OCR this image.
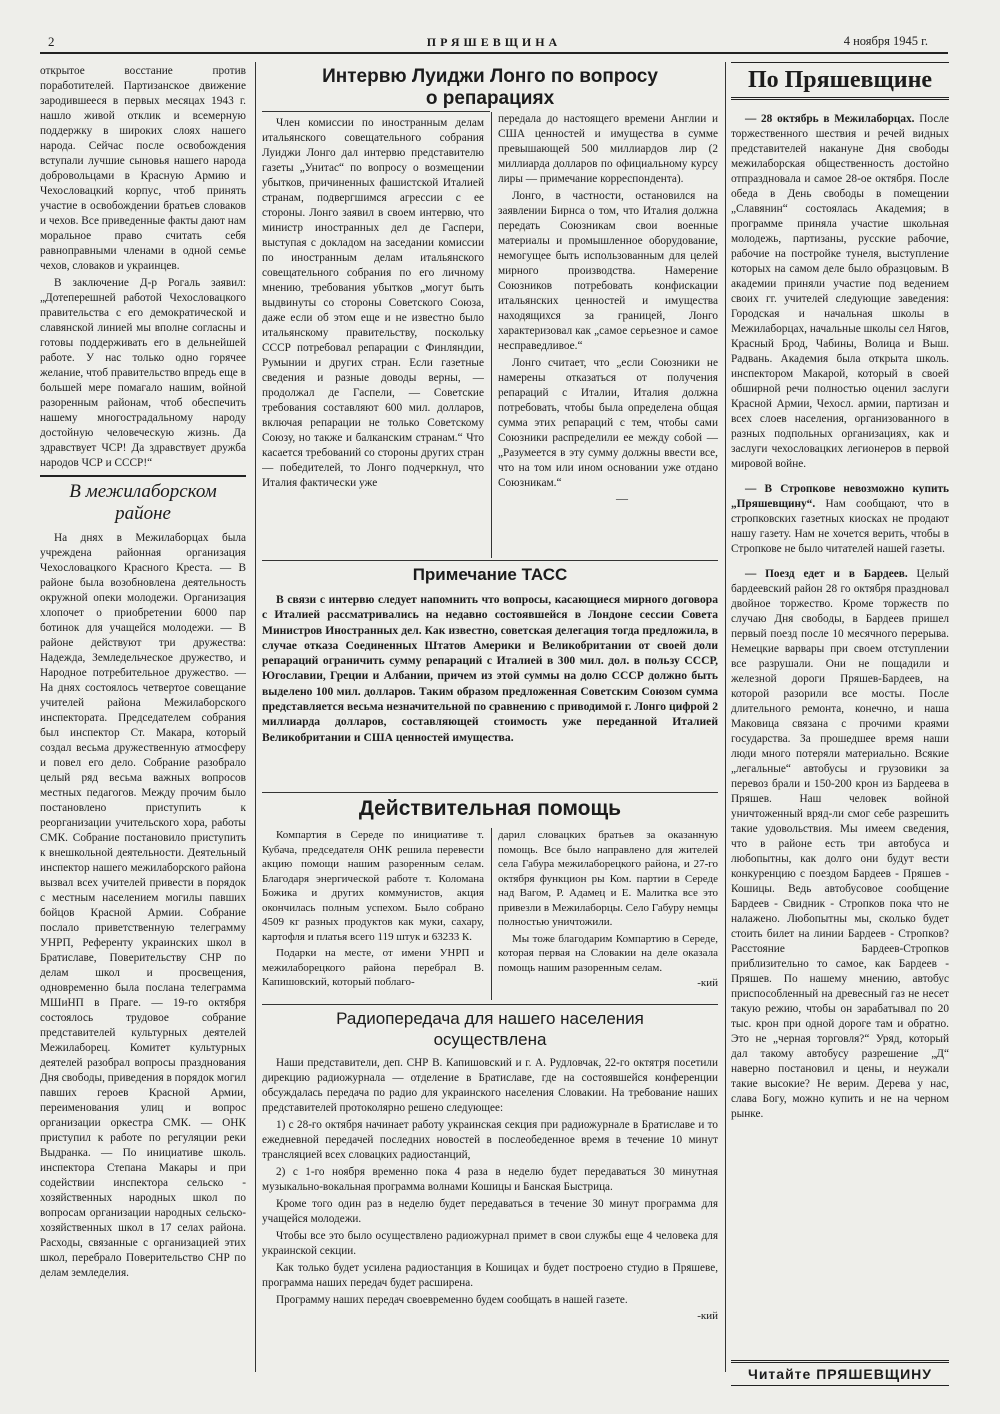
2	ПРЯШЕВЩИНА	4 ноября 1945 г.

открытое восстание против поработителей. Партизанское движение зародившееся в первых месяцах 1943 г. нашло живой отклик и всемерную поддержку в широких слоях нашего народа. Сейчас после освобождения вступали лучшие сыновья нашего народа добровольцами в Красную Армию и Чехословацкий корпус, чтоб принять участие в освобождении братьев словаков и чехов. Все приведенные факты дают нам моральное право считать себя равноправными членами в одной семье чехов, словаков и украинцев.

В заключение Д-р Рогаль заявил: „Дотеперешней работой Чехословацкого правительства с его демократической и славянской линией мы вполне согласны и готовы поддерживать его в дельнейшей работе. У нас только одно горячее желание, чтоб правительство впредь еще в большей мере помагало нашим, войной разоренным районам, чтоб обеспечить нашему многострадальному народу достойную человеческую жизнь. Да здравствует ЧСР! Да здравствует дружба народов ЧСР и СССР!“

В межилаборском
районе

На днях в Межилаборцах была учреждена районная организация Чехословацкого Красного Креста. — В районе была возобновлена деятельность окружной опеки молодежи. Организация хлопочет о приобретении 6000 пар ботинок для учащейся молодежи. — В районе действуют три дружества: Надежда, Земледельческое дружество, и Народное потребительное дружество. — На днях состоялось четвертое совещание учителей района Межилаборского инспектората. Председателем собрания был инспектор Ст. Макара, который создал весьма дружественную атмосферу и повел его дело. Собрание разобрало целый ряд весьма важных вопросов местных педагогов. Между прочим было постановлено приступить к реорганизации учительского хора, работы СМК. Собрание постановило приступить к внешкольной деятельности. Деятельный инспектор нашего межилаборского района вызвал всех учителей привести в порядок с местным населением могилы павших бойцов Красной Армии. Собрание послало приветственную телеграмму УНРП, Референту украинских школ в Братиславе, Поверительству СНР по делам школ и просвещения, одновременно была послана телеграмма МШиНП в Праге. — 19-го октября состоялось трудовое собрание представителей культурных деятелей Межилаборец. Комитет культурных деятелей разобрал вопросы празднования Дня свободы, приведения в порядок могил павших героев Красной Армии, переименования улиц и вопрос организации оркестра СМК. — ОНК приступил к работе по регуляции реки Выдранка. — По инициативе школь. инспектора Степана Макары и при содействии инспектора сельско - хозяйственных народных школ по вопросам организации народных сельско-хозяйственных школ в 17 селах района. Расходы, связанные с организацией этих школ, перебрало Поверительство СНР по делам земледелия.

Интервю Луиджи Лонго по вопросу
о репарациях

Член комиссии по иностранным делам итальянского совещательного собрания Луиджи Лонго дал интервю представителю газеты „Унитас“ по вопросу о возмещении убытков, причиненных фашистской Италией странам, подвергшимся агрессии с ее стороны. Лонго заявил в своем интервю, что министр иностранных дел де Гаспери, выступая с докладом на заседании комиссии по иностранным делам итальянского совещательного собрания по его личному мнению, требования убытков „могут быть выдвинуты со стороны Советского Союза, даже если об этом еще и не известно было итальянскому правительству, поскольку СССР потребовал репарации с Финляндии, Румынии и других стран. Если газетные сведения и разные доводы верны, — продолжал де Гаспели, — Советские требования составляют 600 мил. долларов, включая репарации не только Советскому Союзу, но также и балканским странам.“ Что касается требований со стороны других стран — победителей, то Лонго подчеркнул, что Италия фактически уже

передала до настоящего времени Англии и США ценностей и имущества в сумме превышающей 500 миллиардов лир (2 миллиарда долларов по официальному курсу лиры — примечание корреспондента).

Лонго, в частности, остановился на заявлении Бирнса о том, что Италия должна передать Союзникам свои военные материалы и промышленное оборудование, немогущее быть использованным для целей мирного производства. Намерение Союзников потребовать конфискации итальянских ценностей и имущества находящихся за границей, Лонго характеризовал как „самое серьезное и самое несправедливое.“

Лонго считает, что „если Союзники не намерены отказаться от получения репараций с Италии, Италия должна потребовать, чтобы была определена общая сумма этих репараций с тем, чтобы сами Союзники распределили ее между собой — „Разумеется в эту сумму должны ввести все, что на том или ином основании уже отдано Союзникам.“

—
Примечание ТАСС

В связи с интервю следует напомнить что вопросы, касающиеся мирного договора с Италией рассматривались на недавно состоявшейся в Лондоне сессии Совета Министров Иностранных дел. Как известно, советская делегация тогда предложила, в случае отказа Соединенных Штатов Америки и Великобритании от своей доли репараций ограничить сумму репараций с Италией в 300 мил. дол. в пользу СССР, Югославии, Греции и Албании, причем из этой суммы на долю СССР должно быть выделено 100 мил. долларов. Таким образом предложенная Советским Союзом сумма представляется весьма незначительной по сравнению с приводимой г. Лонго цифрой 2 миллиарда долларов, составляющей стоимость уже переданной Италией Великобритании и США ценностей имущества.

Действительная помощь

Компартия в Середе по инициативе т. Кубача, председателя ОНК решила перевести акцию помощи нашим разоренным селам. Благодаря энергической работе т. Коломана Божика и других коммунистов, акция окончилась полным успехом. Было собрано 4509 кг разных продуктов как муки, сахару, картофля и платья всего 119 штук и 63233 К.

Подарки на месте, от имени УНРП и межилаборецкого района перебрал В. Капишовский, который поблаго-

дарил словацких братьев за оказанную помощь. Все было направлено для жителей села Габура межилаборецкого района, и 27-го октября функцион ры Ком. партии в Середе над Вагом, Р. Адамец и Е. Малитка все это привезли в Межилаборцы. Село Габуру немцы полностью уничтожили.

Мы тоже благодарим Компартию в Середе, которая первая на Словакии на деле оказала помощь нашим разоренным селам.

-кий

Радиопередача для нашего населения
осуществлена

Наши представители, деп. СНР В. Капишовский и г. А. Рудловчак, 22-го октятря посетили дирекцию радиожурнала — отделение в Братиславе, где на состоявшейся конференции обсуждалась передача по радио для украинского населения Словакии. На требование наших представителей протоколярно решено следующее:

1) с 28-го октября начинает работу украинская секция при радиожурнале в Братиславе и то ежедневной передачей последних новостей в послеобеденное время в течение 10 минут трансляцией всех словацких радиостанций,

2) с 1-го ноября временно пока 4 раза в неделю будет передаваться 30 минутная музыкально-вокальная программа волнами Кошицы и Банская Быстрица.

Кроме того один раз в неделю будет передаваться в течение 30 минут программа для учащейся молодежи.

Чтобы все это было осуществлено радиожурнал примет в свои службы еще 4 человека для украинской секции.

Как только будет усилена радиостанция в Кошицах и будет построено студио в Пряшеве, программа наших передач будет расширена.

Программу наших передач своевременно будем сообщать в нашей газете.

-кий

По Пряшевщине

— 28 октябрь в Межилаборцах. После торжественного шествия и речей видных представителей накануне Дня свободы межилаборская общественность достойно отпраздновала и самое 28-ое октября. После обеда в День свободы в помещении „Славянин“ состоялась Академия; в программе приняла участие школьная молодежь, партизаны, русские рабочие, рабочие на постройке тунеля, выступление которых на самом деле было образцовым. В академии приняли участие под ведением своих гг. учителей следующие заведения: Городская и начальная школы в Межилаборцах, начальные школы сел Нягов, Красный Брод, Чабины, Волица и Выш. Радвань. Академия была открыта школь. инспектором Макарой, который в своей обширной речи полностью оценил заслуги Красной Армии, Чехосл. армии, партизан и всех слоев населения, организованного в разных подпольных организациях, как и заслуги чехословацких легионеров в первой мировой войне.

— В Стропкове невозможно купить „Пряшевщину“. Нам сообщают, что в стропковских газетных киосках не продают нашу газету. Нам не хочется верить, чтобы в Стропкове не было читателей нашей газеты.

— Поезд едет и в Бардеев. Целый бардеевский район 28 го октября праздновал двойное торжество. Кроме торжеств по случаю Дня свободы, в Бардеев пришел первый поезд после 10 месячного перерыва. Немецкие варвары при своем отступлении все разрушали. Они не пощадили и железной дороги Пряшев-Бардеев, на которой разорили все мосты. После длительного ремонта, конечно, и наша Маковица связана с прочими краями государства. За прошедшее время наши люди много потеряли материально. Всякие „легальные“ автобусы и грузовики за перевоз брали и 150-200 крон из Бардеева в Пряшев. Наш человек войной уничтоженный вряд-ли смог себе разрешить такие удовольствия. Мы имеем сведения, что в районе есть три автобуса и любопытны, как долго они будут вести конкуренцию с поездом Бардеев - Пряшев - Кошицы. Ведь автобусовое сообщение Бардеев - Свидник - Стропков пока что не налажено. Любопытны мы, сколько будет стоить билет на линии Бардеев - Стропков? Расстояние Бардеев-Стропков приблизительно то самое, как Бардеев - Пряшев. По нашему мнению, автобус приспособленный на древесный газ не несет такую режию, чтобы он зарабатывал по 20 тыс. крон при одной дороге там и обратно. Это не „черная торговля?“ Уряд, который дал такому автобусу разрешение „Д“ наверно постановил и цены, и неужали такие высокие? Не верим. Дерева у нас, слава Богу, можно купить и не на черном рынке.

Читайте ПРЯШЕВЩИНУ
